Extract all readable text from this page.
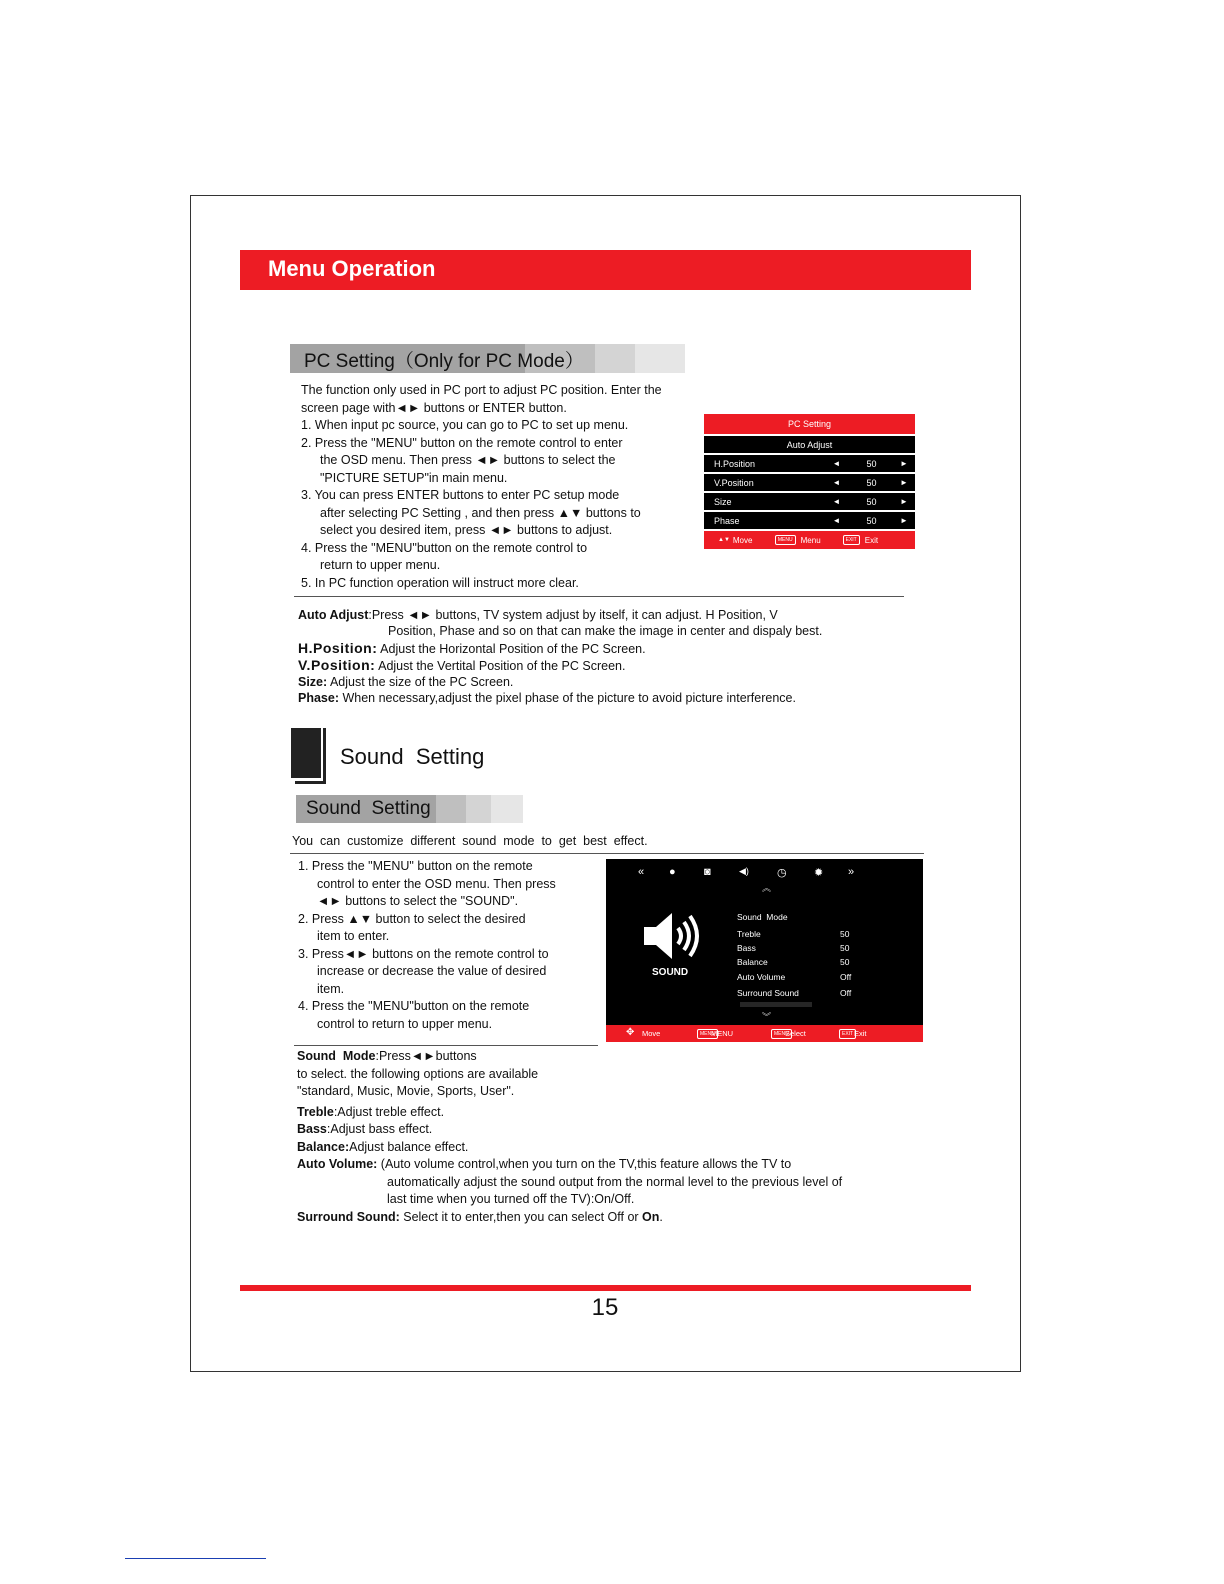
Menu Operation
PC Setting（Only for PC Mode）

The function only used in PC port to adjust PC position. Enter the

screen page with◄► buttons or ENTER button.

1. When input pc source, you can go to PC to set up menu.

2. Press the "MENU" button on the remote control to enter

the OSD menu. Then press ◄► buttons to select the

"PICTURE SETUP"in main menu.

3. You can press ENTER buttons to enter PC setup mode

after selecting PC Setting , and then press ▲▼ buttons to

select you desired item, press ◄► buttons to adjust.

4. Press the "MENU"button on the remote control to

return to upper menu.

5. In PC function operation will instruct more clear.

PC Setting
Auto Adjust
H.Position	◄	50	►
V.Position	◄	50	►
Size	◄	50	►
Phase	◄	50	►
▲▼ Move	MENU	Menu	EXIT	Exit

Auto Adjust:Press ◄► buttons, TV system adjust by itself, it can adjust. H Position, V

Position, Phase and so on that can make the image in center and dispaly best.

H.Position: Adjust the Horizontal Position of the PC Screen.

V.Position: Adjust the Vertital Position of the PC Screen.

Size: Adjust the size of the PC Screen.

Phase: When necessary,adjust the pixel phase of the picture to avoid picture interference.

Sound  Setting
Sound  Setting
You  can  customize  different  sound  mode  to  get  best  effect.

1. Press the "MENU" button on the remote

control to enter the OSD menu. Then press

◄► buttons to select the "SOUND".

2. Press ▲▼ button to select the desired

item to enter.

3. Press◄► buttons on the remote control to

increase or decrease the value of desired

item.

4. Press the "MENU"button on the remote

control to return to upper menu.

« ●	◙	◀)	◷ ✹ »
︽
SOUND
Sound  Mode
Treble	50
Bass	50
Balance	50
Auto Volume	Off
Surround Sound	Off
︾
✥ Move	MENU
MENU	MENU
Select	EXIT Exit

Sound  Mode:Press◄►buttons

to select. the following options are available

"standard, Music, Movie, Sports, User".

Treble:Adjust treble effect.

Bass:Adjust bass effect.

Balance:Adjust balance effect.

Auto Volume: (Auto volume control,when you turn on the TV,this feature allows the TV to

automatically adjust the sound output from the normal level to the previous level of

last time when you turned off the TV):On/Off.

Surround Sound: Select it to enter,then you can select Off or On.

15
